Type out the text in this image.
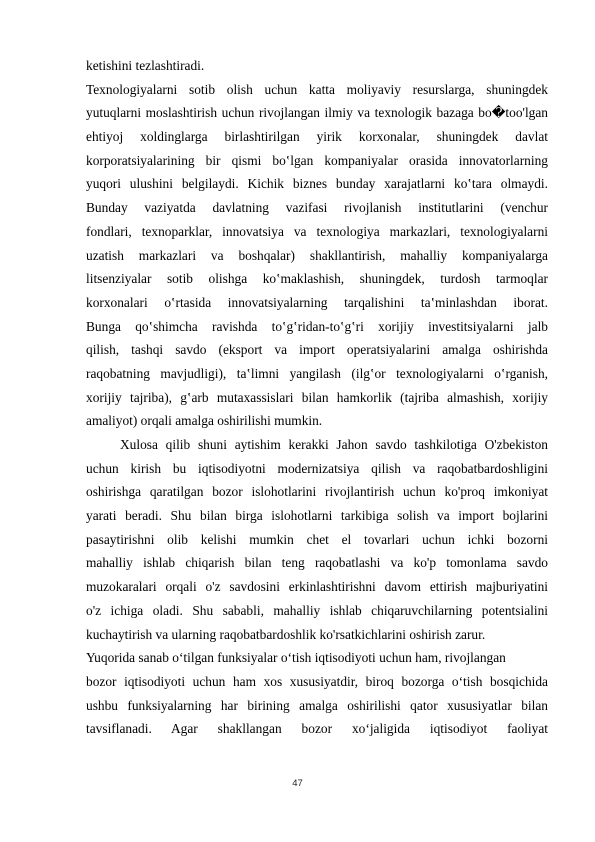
ketishini tezlashtiradi.
Texnologiyalarni sotib olish uchun katta moliyaviy resurslarga, shuningdek
yutuqlarni moslashtirish uchun rivojlangan ilmiy va texnologik bazaga bo�too'lgan
ehtiyoj xoldinglarga birlashtirilgan yirik korxonalar, shuningdek davlat
korporatsiyalarining bir qismi bo‛lgan kompaniyalar orasida innovatorlarning
yuqori ulushini belgilaydi. Kichik biznes bunday xarajatlarni ko‛tara olmaydi.
Bunday vaziyatda davlatning vazifasi rivojlanish institutlarini (venchur
fondlari, texnoparklar, innovatsiya va texnologiya markazlari, texnologiyalarni
uzatish markazlari va boshqalar) shakllantirish, mahalliy kompaniyalarga
litsenziyalar sotib olishga ko‛maklashish, shuningdek, turdosh tarmoqlar
korxonalari o‛rtasida innovatsiyalarning tarqalishini ta‛minlashdan iborat.
Bunga qo‛shimcha ravishda to‛g‛ridan-to‛g‛ri xorijiy investitsiyalarni jalb
qilish, tashqi savdo (eksport va import operatsiyalarini amalga oshirishda
raqobatning mavjudligi), ta‛limni yangilash (ilg‛or texnologiyalarni o‛rganish,
xorijiy tajriba), g‛arb mutaxassislari bilan hamkorlik (tajriba almashish, xorijiy
amaliyot) orqali amalga oshirilishi mumkin.
Xulosa qilib shuni aytishim kerakki Jahon savdo tashkilotiga O'zbekiston
uchun kirish bu iqtisodiyotni modernizatsiya qilish va raqobatbardoshligini
oshirishga qaratilgan bozor islohotlarini rivojlantirish uchun ko'proq imkoniyat
yarati beradi. Shu bilan birga islohotlarni tarkibiga solish va import bojlarini
pasaytirishni olib kelishi mumkin chet el tovarlari uchun ichki bozorni
mahalliy ishlab chiqarish bilan teng raqobatlashi va ko'p tomonlama savdo
muzokaralari orqali o'z savdosini erkinlashtirishni davom ettirish majburiyatini
o'z ichiga oladi. Shu sababli, mahalliy ishlab chiqaruvchilarning potentsialini
kuchaytirish va ularning raqobatbardoshlik ko'rsatkichlarini oshirish zarur.
Yuqorida sanab o‘tilgan funksiyalar o‘tish iqtisodiyoti uchun ham, rivojlangan
bozor iqtisodiyoti uchun ham xos xususiyatdir, biroq bozorga o‘tish bosqichida
ushbu funksiyalarning har birining amalga oshirilishi qator xususiyatlar bilan
tavsiflanadi. Agar shakllangan bozor xo‘jaligida iqtisodiyot faoliyat
47
